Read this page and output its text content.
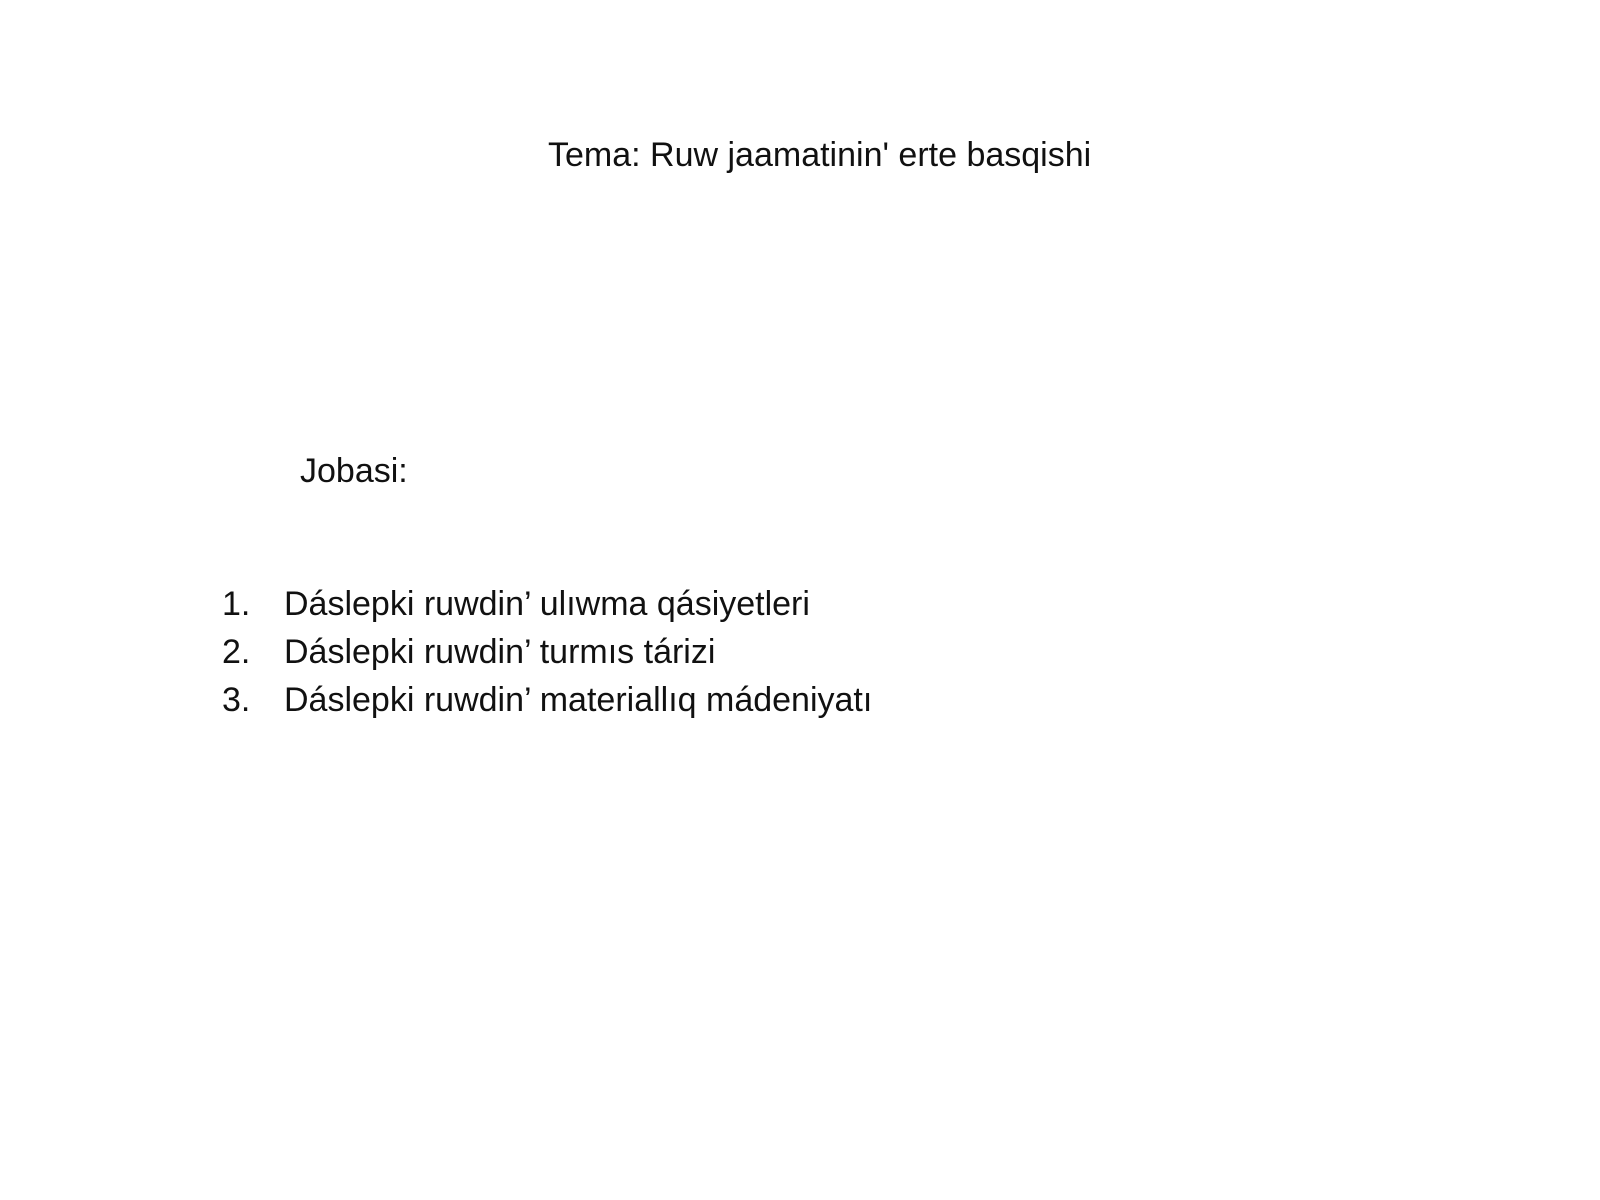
Tema: Ruw jaamatinin' erte basqishi
Jobasi:
1. Dáslepki ruwdin’ ulıwma qásiyetleri
2. Dáslepki ruwdin’ turmıs tárizi
3. Dáslepki ruwdin’ materiallıq mádeniyatı
